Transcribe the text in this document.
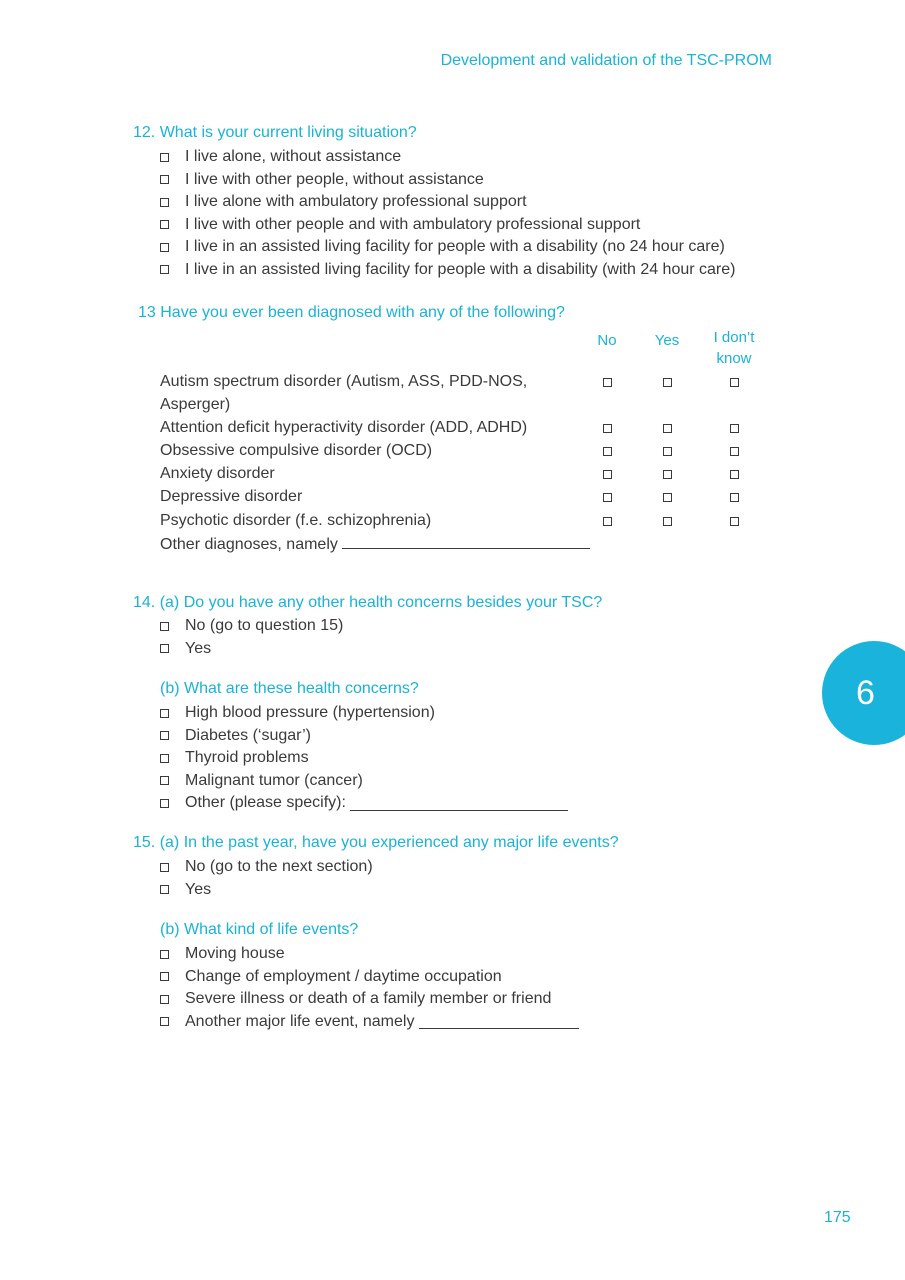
Development and validation of the TSC-PROM
12. What is your current living situation?
I live alone, without assistance
I live with other people, without assistance
I live alone with ambulatory professional support
I live with other people and with ambulatory professional support
I live in an assisted living facility for people with a disability (no 24 hour care)
I live in an assisted living facility for people with a disability (with 24 hour care)
13 Have you ever been diagnosed with any of the following?
No	Yes	I don’t
know
Autism spectrum disorder (Autism, ASS, PDD-NOS, Asperger)
Attention deficit hyperactivity disorder (ADD, ADHD)
Obsessive compulsive disorder (OCD)
Anxiety disorder
Depressive disorder
Psychotic disorder (f.e. schizophrenia)
Other diagnoses, namely
14. (a) Do you have any other health concerns besides your TSC?
No (go to question 15)
Yes
(b) What are these health concerns?
High blood pressure (hypertension)
Diabetes (‘sugar’)
Thyroid problems
Malignant tumor (cancer)
Other (please specify):

15. (a) In the past year, have you experienced any major life events?
No (go to the next section)
Yes
(b) What kind of life events?
Moving house
Change of employment / daytime occupation
Severe illness or death of a family member or friend
Another major life event, namely

6
175
